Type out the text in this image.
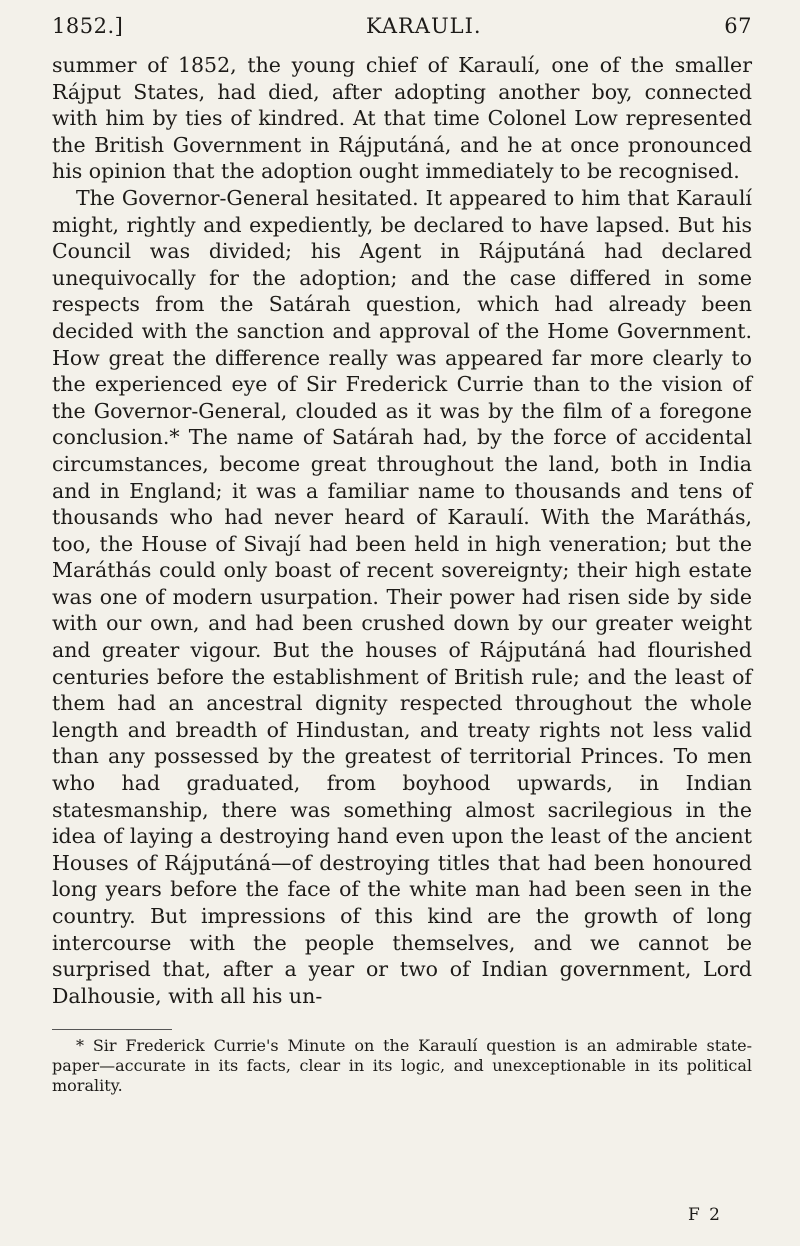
1852.]	KARAULI.	67

summer of 1852, the young chief of Karaulí, one of the smaller Rájput States, had died, after adopting another boy, connected with him by ties of kindred. At that time Colonel Low represented the British Government in Rájputáná, and he at once pronounced his opinion that the adoption ought immediately to be recognised.

The Governor-General hesitated. It appeared to him that Karaulí might, rightly and expediently, be declared to have lapsed. But his Council was divided; his Agent in Rájputáná had declared unequivocally for the adoption; and the case differed in some respects from the Satárah question, which had already been decided with the sanction and approval of the Home Government. How great the difference really was appeared far more clearly to the experienced eye of Sir Frederick Currie than to the vision of the Governor-General, clouded as it was by the film of a foregone conclusion.* The name of Satárah had, by the force of accidental circumstances, become great throughout the land, both in India and in England; it was a familiar name to thousands and tens of thousands who had never heard of Karaulí. With the Maráthás, too, the House of Sivají had been held in high veneration; but the Maráthás could only boast of recent sovereignty; their high estate was one of modern usurpation. Their power had risen side by side with our own, and had been crushed down by our greater weight and greater vigour. But the houses of Rájputáná had flourished centuries before the establishment of British rule; and the least of them had an ancestral dignity respected throughout the whole length and breadth of Hindustan, and treaty rights not less valid than any possessed by the greatest of territorial Princes. To men who had graduated, from boyhood upwards, in Indian statesmanship, there was something almost sacrilegious in the idea of laying a destroying hand even upon the least of the ancient Houses of Rájputáná—of destroying titles that had been honoured long years before the face of the white man had been seen in the country. But impressions of this kind are the growth of long intercourse with the people themselves, and we cannot be surprised that, after a year or two of Indian government, Lord Dalhousie, with all his un-

* Sir Frederick Currie's Minute on the Karaulí question is an admirable state-paper—accurate in its facts, clear in its logic, and unexceptionable in its political morality.

F 2
